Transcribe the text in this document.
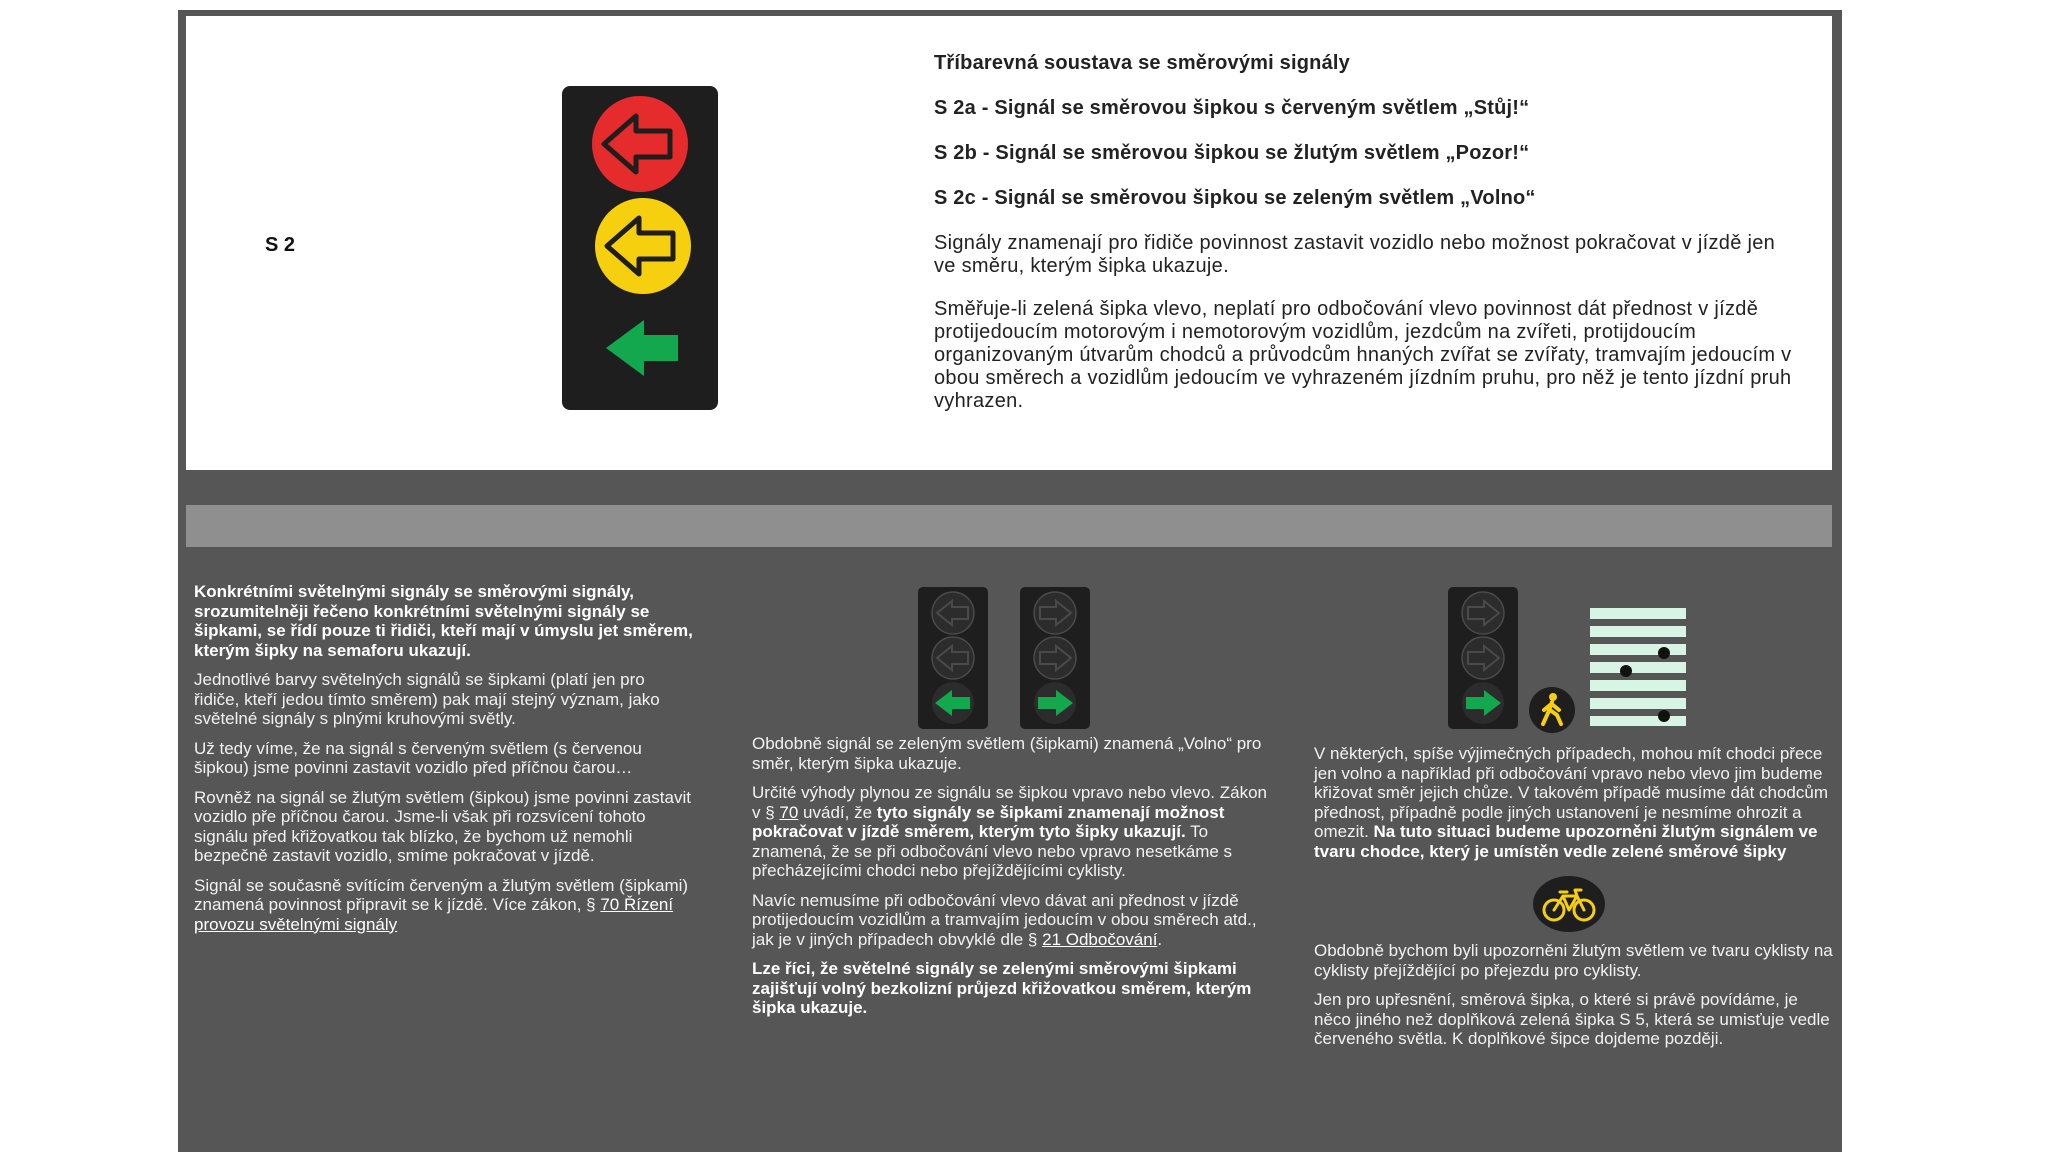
S 2
Tříbarevná soustava se směrovými signály
S 2a - Signál se směrovou šipkou s červeným světlem „Stůj!“
S 2b - Signál se směrovou šipkou se žlutým světlem „Pozor!“
S 2c - Signál se směrovou šipkou se zeleným světlem „Volno“
Signály znamenají pro řidiče povinnost zastavit vozidlo nebo možnost pokračovat v jízdě jen ve směru, kterým šipka ukazuje.
Směřuje-li zelená šipka vlevo, neplatí pro odbočování vlevo povinnost dát přednost v jízdě protijedoucím motorovým i nemotorovým vozidlům, jezdcům na zvířeti, protijdoucím organizovaným útvarům chodců a průvodcům hnaných zvířat se zvířaty, tramvajím jedoucím v obou směrech a vozidlům jedoucím ve vyhrazeném jízdním pruhu, pro něž je tento jízdní pruh vyhrazen.

Konkrétními světelnými signály se směrovými signály, srozumitelněji řečeno konkrétními světelnými signály se šipkami, se řídí pouze ti řidiči, kteří mají v úmyslu jet směrem, kterým šipky na semaforu ukazují.

Jednotlivé barvy světelných signálů se šipkami (platí jen pro řidiče, kteří jedou tímto směrem) pak mají stejný význam, jako světelné signály s plnými kruhovými světly.

Už tedy víme, že na signál s červeným světlem (s červenou šipkou) jsme povinni zastavit vozidlo před příčnou čarou…

Rovněž na signál se žlutým světlem (šipkou) jsme povinni zastavit vozidlo pře příčnou čarou. Jsme-li však při rozsvícení tohoto signálu před křižovatkou tak blízko, že bychom už nemohli bezpečně zastavit vozidlo, smíme pokračovat v jízdě.

Signál se současně svítícím červeným a žlutým světlem (šipkami) znamená povinnost připravit se k jízdě. Více zákon, § 70 Řízení provozu světelnými signály

Obdobně signál se zeleným světlem (šipkami) znamená „Volno“ pro směr, kterým šipka ukazuje.

Určité výhody plynou ze signálu se šipkou vpravo nebo vlevo. Zákon v § 70 uvádí, že tyto signály se šipkami znamenají možnost pokračovat v jízdě směrem, kterým tyto šipky ukazují. To znamená, že se při odbočování vlevo nebo vpravo nesetkáme s přecházejícími chodci nebo přejíždějícími cyklisty.

Navíc nemusíme při odbočování vlevo dávat ani přednost v jízdě protijedoucím vozidlům a tramvajím jedoucím v obou směrech atd., jak je v jiných případech obvyklé dle § 21 Odbočování.

Lze říci, že světelné signály se zelenými směrovými šipkami zajišťují volný bezkolizní průjezd křižovatkou směrem, kterým šipka ukazuje.

V některých, spíše výjimečných případech, mohou mít chodci přece jen volno a například při odbočování vpravo nebo vlevo jim budeme křižovat směr jejich chůze. V takovém případě musíme dát chodcům přednost, případně podle jiných ustanovení je nesmíme ohrozit a omezit. Na tuto situaci budeme upozorněni žlutým signálem ve tvaru chodce, který je umístěn vedle zelené směrové šipky

Obdobně bychom byli upozorněni žlutým světlem ve tvaru cyklisty na cyklisty přejíždějící po přejezdu pro cyklisty.

Jen pro upřesnění, směrová šipka, o které si právě povídáme, je něco jiného než doplňková zelená šipka S 5, která se umisťuje vedle červeného světla. K doplňkové šipce dojdeme později.
